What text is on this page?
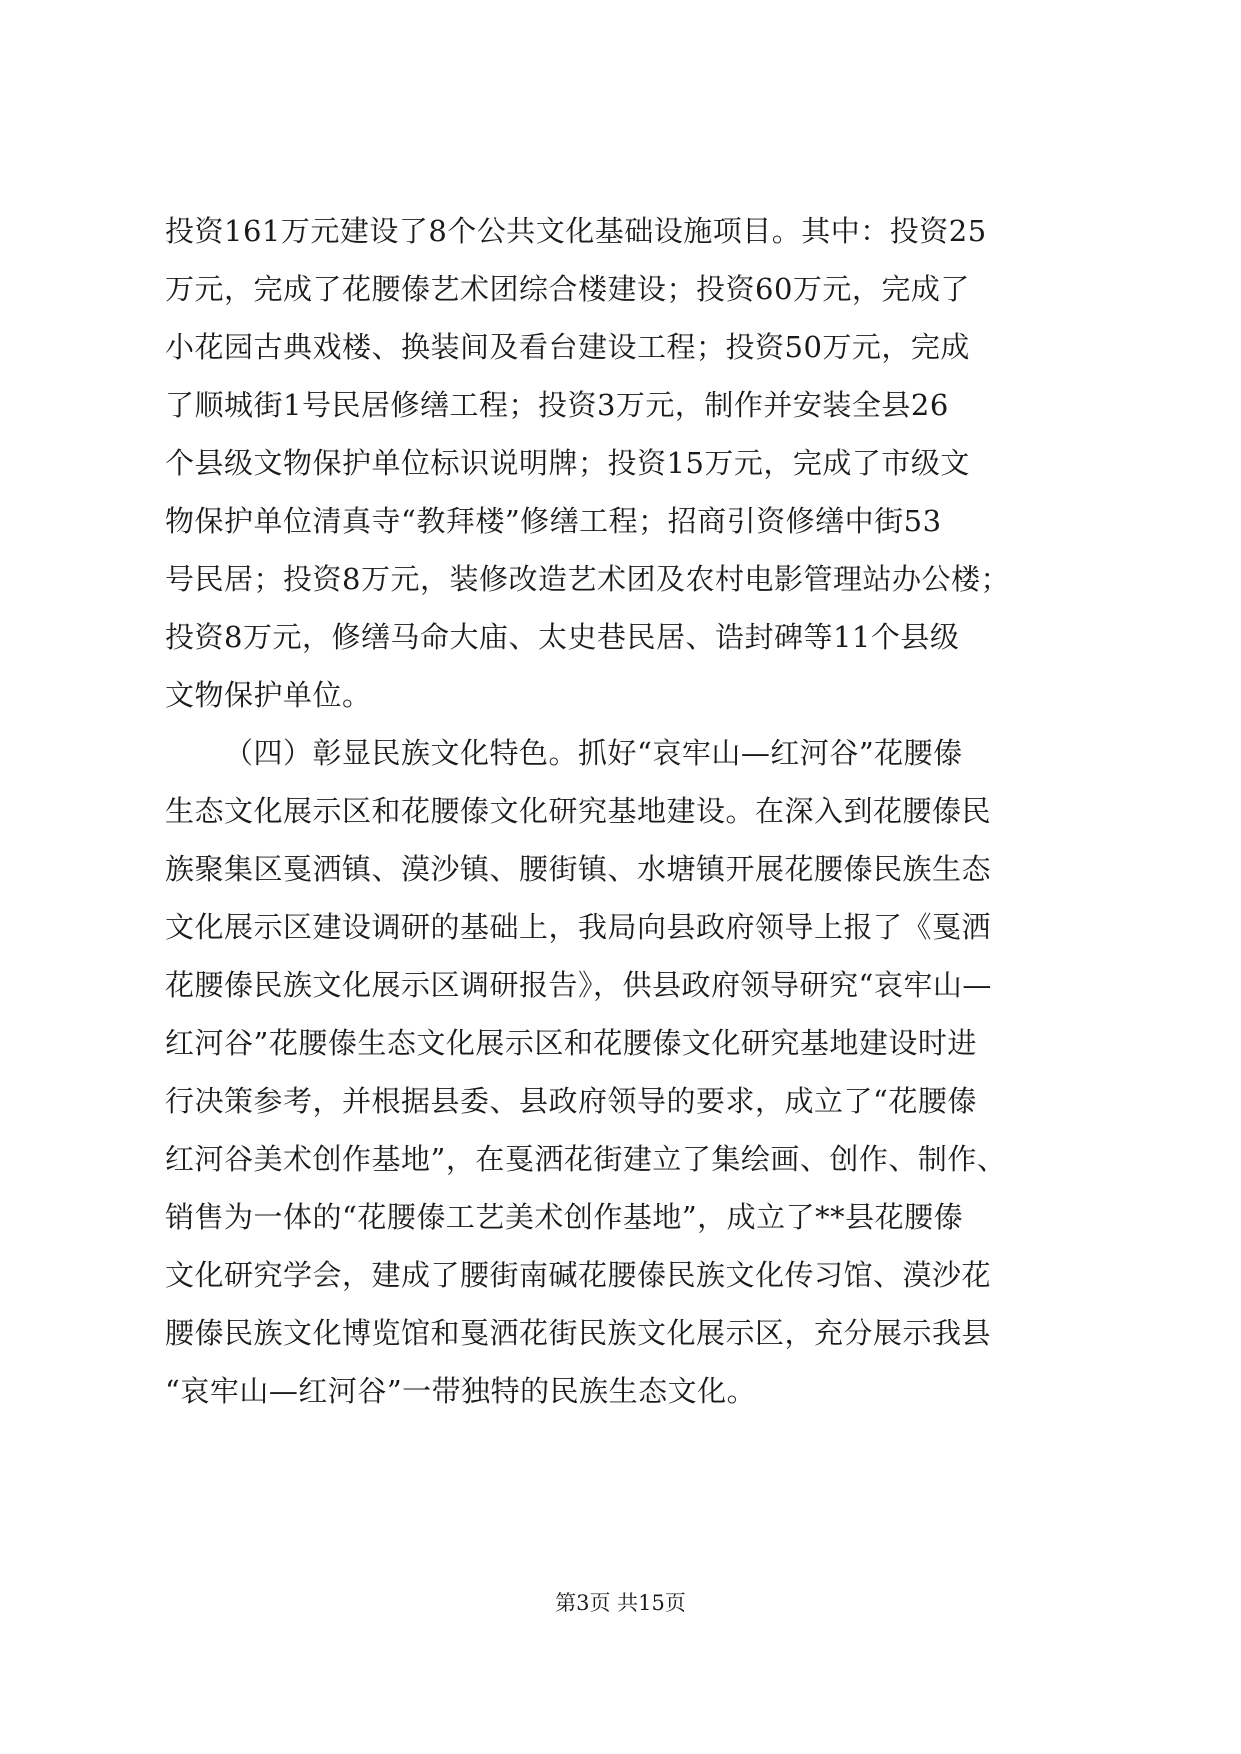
投资161万元建设了8个公共文化基础设施项目。其中：投资25
万元，完成了花腰傣艺术团综合楼建设；投资60万元，完成了
小花园古典戏楼、换装间及看台建设工程；投资50万元，完成
了顺城街1号民居修缮工程；投资3万元，制作并安装全县26
个县级文物保护单位标识说明牌；投资15万元，完成了市级文
物保护单位清真寺“教拜楼”修缮工程；招商引资修缮中街53
号民居；投资8万元，装修改造艺术团及农村电影管理站办公楼；
投资8万元，修缮马命大庙、太史巷民居、诰封碑等11个县级
文物保护单位。
（四）彰显民族文化特色。抓好“哀牢山—红河谷”花腰傣
生态文化展示区和花腰傣文化研究基地建设。在深入到花腰傣民
族聚集区戛洒镇、漠沙镇、腰街镇、水塘镇开展花腰傣民族生态
文化展示区建设调研的基础上，我局向县政府领导上报了《戛洒
花腰傣民族文化展示区调研报告》，供县政府领导研究“哀牢山—
红河谷”花腰傣生态文化展示区和花腰傣文化研究基地建设时进
行决策参考，并根据县委、县政府领导的要求，成立了“花腰傣
红河谷美术创作基地”，在戛洒花街建立了集绘画、创作、制作、
销售为一体的“花腰傣工艺美术创作基地”，成立了**县花腰傣
文化研究学会，建成了腰街南碱花腰傣民族文化传习馆、漠沙花
腰傣民族文化博览馆和戛洒花街民族文化展示区，充分展示我县
“哀牢山—红河谷”一带独特的民族生态文化。
第3页 共15页
